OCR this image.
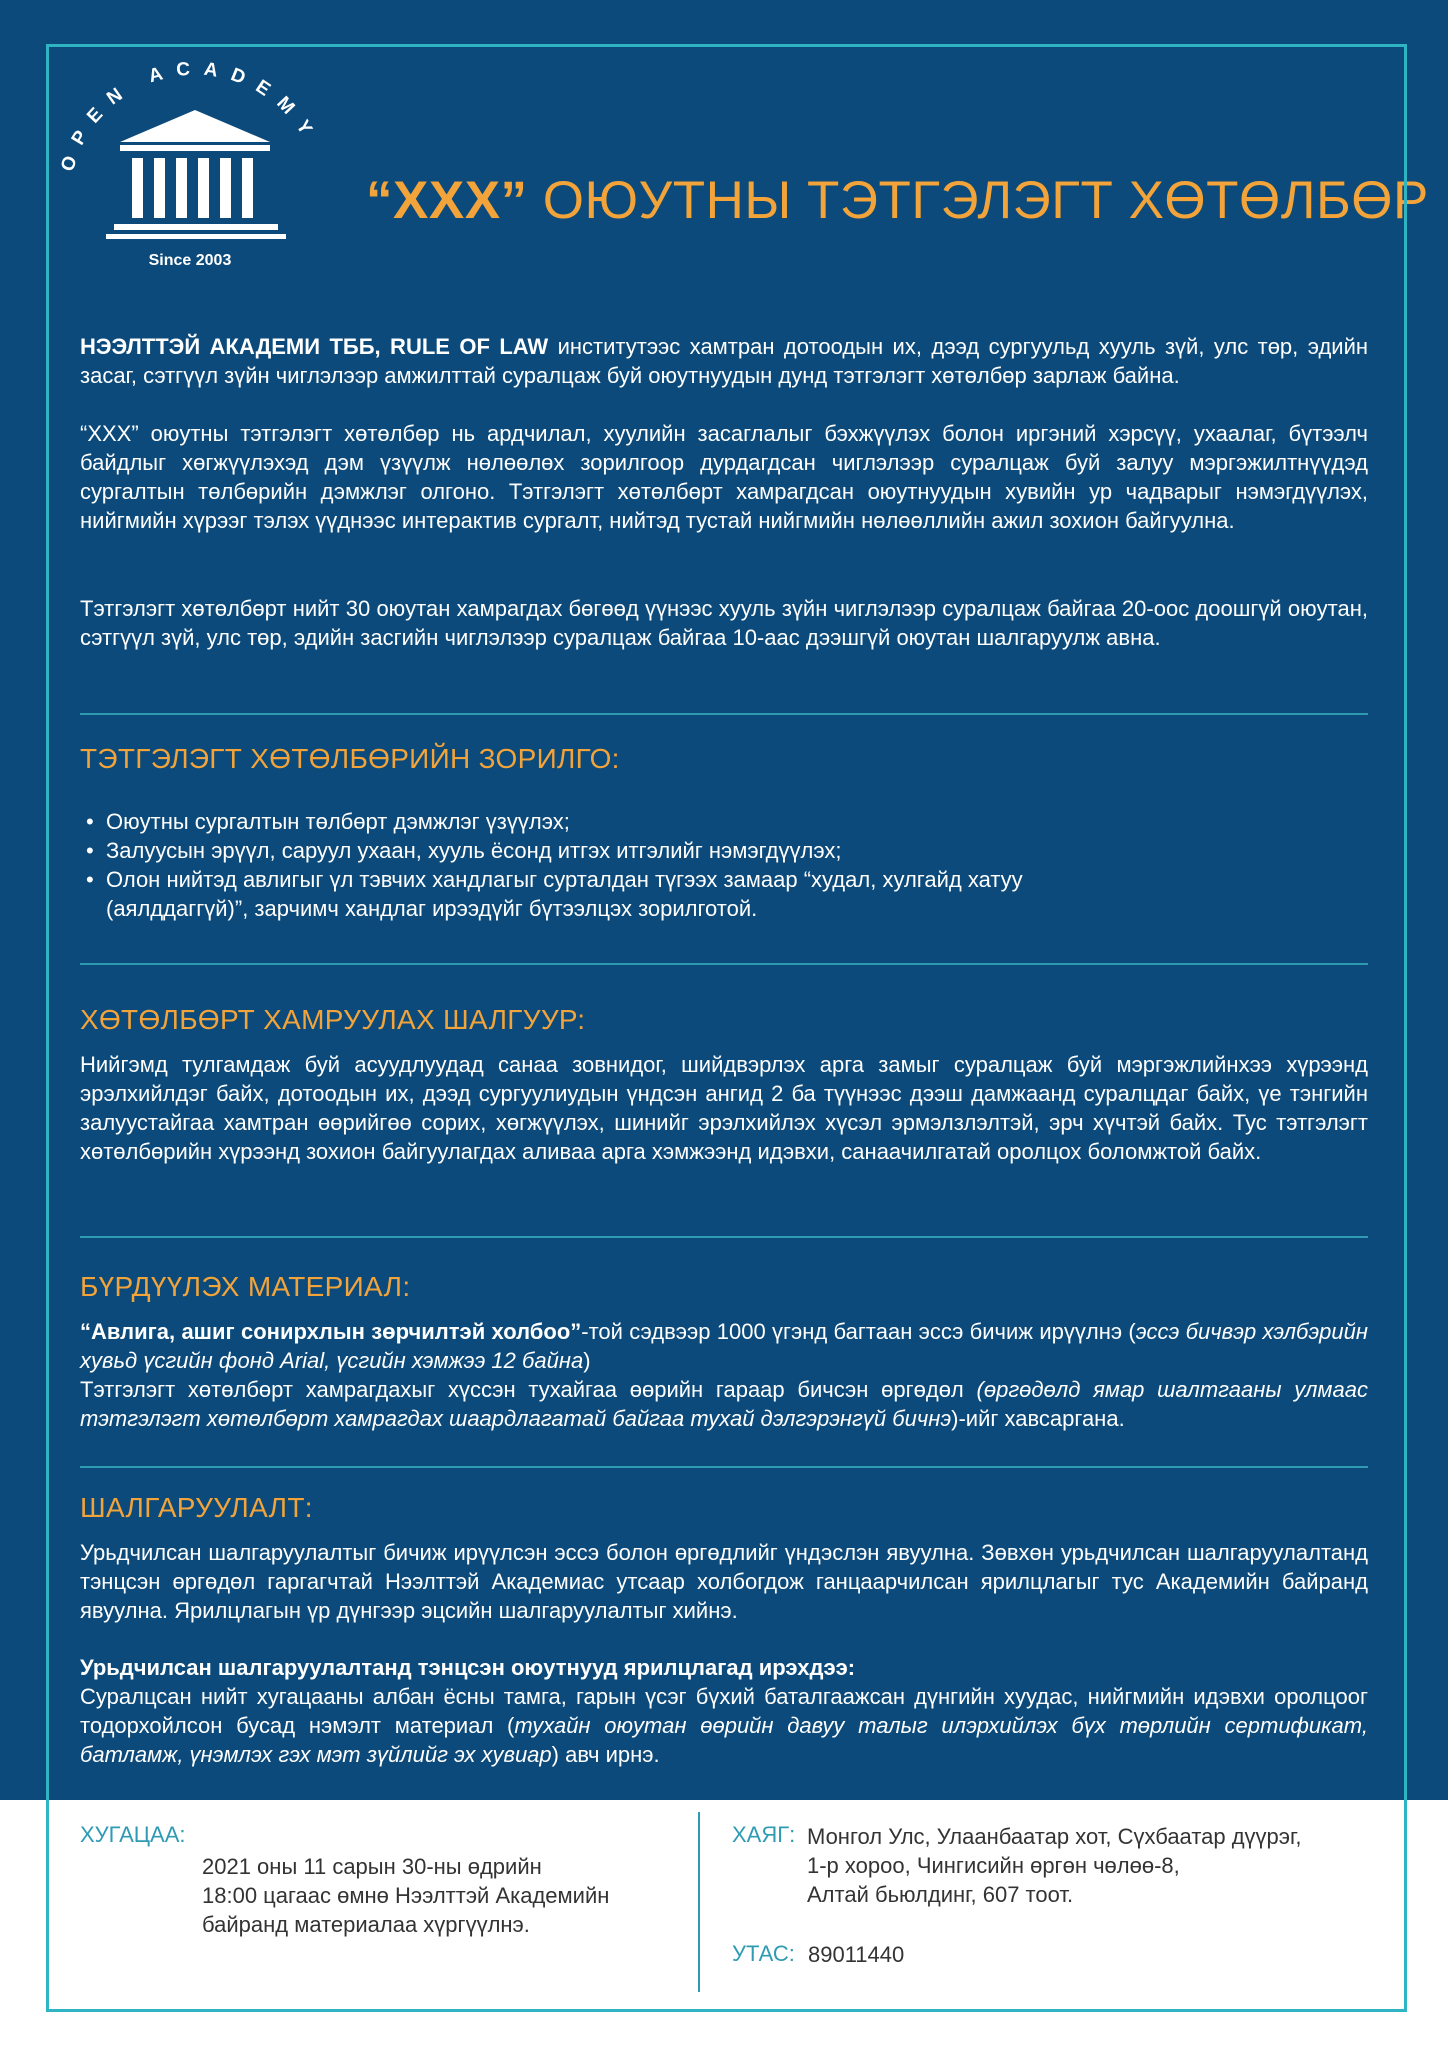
OPEN ACADEMY
Since 2003
“XXX” ОЮУТНЫ ТЭТГЭЛЭГТ ХӨТӨЛБӨР

НЭЭЛТТЭЙ АКАДЕМИ ТББ, RULE OF LAW институтээс хамтран дотоодын их, дээд сургуульд хууль зүй, улс төр, эдийн засаг, сэтгүүл зүйн чиглэлээр амжилттай суралцаж буй оюутнуудын дунд тэтгэлэгт хөтөлбөр зарлаж байна.

“XXX” оюутны тэтгэлэгт хөтөлбөр нь ардчилал, хуулийн засаглалыг бэхжүүлэх болон иргэний хэрсүү, ухаалаг, бүтээлч байдлыг хөгжүүлэхэд дэм үзүүлж нөлөөлөх зорилгоор дурдагдсан чиглэлээр суралцаж буй залуу мэргэжилтнүүдэд сургалтын төлбөрийн дэмжлэг олгоно. Тэтгэлэгт хөтөлбөрт хамрагдсан оюутнуудын хувийн ур чадварыг нэмэгдүүлэх, нийгмийн хүрээг тэлэх үүднээс интерактив сургалт, нийтэд тустай нийгмийн нөлөөллийн ажил зохион байгуулна.

Тэтгэлэгт хөтөлбөрт нийт 30 оюутан хамрагдах бөгөөд үүнээс хууль зүйн чиглэлээр суралцаж байгаа 20-оос доошгүй оюутан, сэтгүүл зүй, улс төр, эдийн засгийн чиглэлээр суралцаж байгаа 10-аас дээшгүй оюутан шалгаруулж авна.

ТЭТГЭЛЭГТ ХӨТӨЛБӨРИЙН ЗОРИЛГО:
• Оюутны сургалтын төлбөрт дэмжлэг үзүүлэх;
• Залуусын эрүүл, саруул ухаан, хууль ёсонд итгэх итгэлийг нэмэгдүүлэх;
• Олон нийтэд авлигыг үл тэвчих хандлагыг сурталдан түгээх замаар “худал, хулгайд хатуу (аялддаггүй)”, зарчимч хандлаг ирээдүйг бүтээлцэх зорилготой.
ХӨТӨЛБӨРТ ХАМРУУЛАХ ШАЛГУУР:

Нийгэмд тулгамдаж буй асуудлуудад санаа зовнидог, шийдвэрлэх арга замыг суралцаж буй мэргэжлийнхээ хүрээнд эрэлхийлдэг байх, дотоодын их, дээд сургуулиудын үндсэн ангид 2 ба түүнээс дээш дамжаанд суралцдаг байх, үе тэнгийн залуустайгаа хамтран өөрийгөө сорих, хөгжүүлэх, шинийг эрэлхийлэх хүсэл эрмэлзлэлтэй, эрч хүчтэй байх. Тус тэтгэлэгт хөтөлбөрийн хүрээнд зохион байгуулагдах аливаа арга хэмжээнд идэвхи, санаачилгатай оролцох боломжтой байх.

БҮРДҮҮЛЭХ МАТЕРИАЛ:

“Авлига, ашиг сонирхлын зөрчилтэй холбоо”-той сэдвээр 1000 үгэнд багтаан эссэ бичиж ирүүлнэ (эссэ бичвэр хэлбэрийн хувьд үсгийн фонд Arial, үсгийн хэмжээ 12 байна)

Тэтгэлэгт хөтөлбөрт хамрагдахыг хүссэн тухайгаа өөрийн гараар бичсэн өргөдөл (өргөдөлд ямар шалтгааны улмаас тэтгэлэгт хөтөлбөрт хамрагдах шаардлагатай байгаа тухай дэлгэрэнгүй бичнэ)-ийг хавсаргана.

ШАЛГАРУУЛАЛТ:

Урьдчилсан шалгаруулалтыг бичиж ирүүлсэн эссэ болон өргөдлийг үндэслэн явуулна. Зөвхөн урьдчилсан шалгаруулалтанд тэнцсэн өргөдөл гаргагчтай Нээлттэй Академиас утсаар холбогдож ганцаарчилсан ярилцлагыг тус Академийн байранд явуулна. Ярилцлагын үр дүнгээр эцсийн шалгаруулалтыг хийнэ.

Урьдчилсан шалгаруулалтанд тэнцсэн оюутнууд ярилцлагад ирэхдээ:
Суралцсан нийт хугацааны албан ёсны тамга, гарын үсэг бүхий баталгаажсан дүнгийн хуудас, нийгмийн идэвхи оролцоог тодорхойлсон бусад нэмэлт материал (тухайн оюутан өөрийн давуу талыг илэрхийлэх бүх төрлийн сертификат, батламж, үнэмлэх гэх мэт зүйлийг эх хувиар) авч ирнэ.

ХУГАЦАА:
2021 оны 11 сарын 30-ны өдрийн
18:00 цагаас өмнө Нээлттэй Академийн
байранд материалаа хүргүүлнэ.
ХАЯГ: Монгол Улс, Улаанбаатар хот, Сүхбаатар дүүрэг,
1-р хороо, Чингисийн өргөн чөлөө-8,
Алтай бьюлдинг, 607 тоот.
УТАС: 89011440
